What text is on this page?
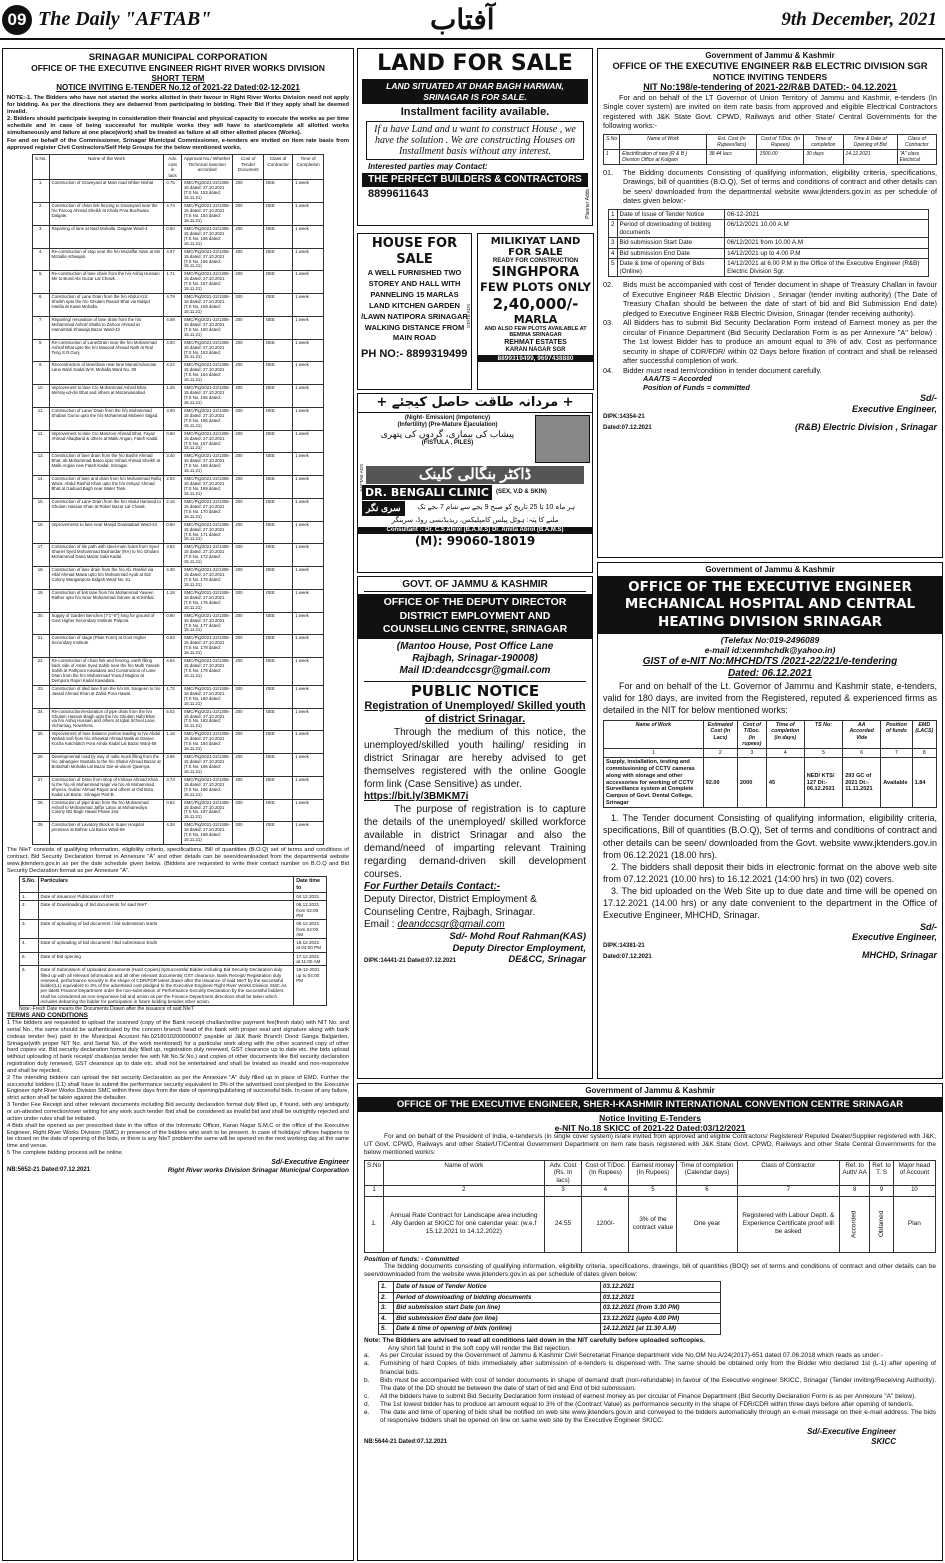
09 The Daily "AFTAB"	آفتاب	9th December, 2021
SRINAGAR MUNICIPAL CORPORATION
OFFICE OF THE EXECUTIVE ENGINEER RIGHT RIVER WORKS DIVISION
SHORT TERM
NOTICE INVITING E-TENDER No.12 of 2021-22 Dated:02-12-2021
NOTE:-1. The Bidders who have not started the works allotted in their favour in Right River Works Division need not apply for bidding. As per the directions they are debarred from participating in bidding. Their Bid if they apply shall be deemed invalid.
2. Bidders should participate keeping in consideration their financial and physical capacity to execute the works as per time schedule and in case of being successful for multiple works they will have to start/complete all allotted works simultaneously and failure at one place(work) shall be treated as failure at all other allotted places (Works).
For and on behalf of the Commissioner, Srinagar Municipal Commissioner, e-tenders are invited on item rate basis from approved register Civil Contractors/Self Help Groups for the below mentioned works.
S.No.	Name of the Work	Adv. cost in lacs	Approval No./ Whether Technical sanction accorded	Cost of Tender Document	Class of Contractor	Time of Completion
1.	Construction of Graveyard at Main road Ishber Nishat	0.75	SMC/Pig/2021-22/1306-15 dated: 27.10.2021 (T.S No. 153 dated: 15.11.21)	200	DEE	1 week
2.	Construction of chain link fencing to Graveyard near the h/o Farooq Ahmad Sheikh at Khala Pora Buchwara Dalgate.	4.74	SMC/Pig/2021-22/1306-15 dated: 27.10.2021 (T.S No. 154 dated: 15.11.21)	200	DEE	1 week
3.	Repairing of lane at Naid Mohalla, Dalgate Ward-4	0.50	SMC/Pig/2021-22/1306-15 dated: 27.10.2021 (T.S No. 155 dated: 15.11.21)	200	DEE	1 week
4.	Re-construction of stop near the h/o Muzaffar Alam at Mir Mohalla Athwajan.	4.97	SMC/Pig/2021-22/1306-15 dated: 27.10.2021 (T.S No. 156 dated: 15.11.21)	200	DEE	1 week
5.	Re-construction of lane chain from the h/o Ashiq Hussain Mir to Bund Abi Guzar Lal Chowk.	1.71	SMC/Pig/2021-22/1306-15 dated: 27.10.2021 (T.S No. 157 dated: 15.11.21)	200	DEE	1 week
6.	Construction of Lane Drain from the h/o Abdul Aziz Sheikh upto the h/o Ghulam Rasool Bhat via Masjid Hanfia at Kawa Mohalla.	4.79	SMC/Pig/2021-22/1306-15 dated: 27.10.2021 (T.S No. 159 dated: 15.11.21)	200	DEE	1 week
7.	Repairing/ renovation of lane drain from the h/o Mohammad Ashraf Shalla to Zahoor Ahmad at Hamambal Khawaja Bazar Ward-42	4.08	SMC/Pig/2021-22/1306-15 dated: 27.10.2021 (T.S No. 160 dated: 15.11.21)	200	DEE	1 week
8.	Re-construction of Lane/Drain near the h/o Mohammad Ashraf Bhat upto the h/o Masood Ahmad Nath at Rral Teng S.R.Gunj	4.00	SMC/Pig/2021-22/1306-15 dated: 27.10.2021 (T.S No. 163 dated: 15.11.21)	200	DEE	1 week
9.	Reconstruction of lane/drain near lane Maruti/Advocate Lane Bahri Kadal W-9, Mohalla Ward No. 38	4.22	SMC/Pig/2021-22/1306-15 dated: 27.10.2021 (T.S No. 164 dated: 15.11.21)	200	DEE	1 week
10.	Improvement to lane C/o Mohammad Ashraf Bhat, Mehraj-ud-din Bhat and others at Mazarwariabad.	1.26	SMC/Pig/2021-22/1306-15 dated: 27.10.2021 (T.S No. 165 dated: 15.11.21)	200	DEE	1 week
11.	Construction of Lane/ Drain from the h/o Mohammad Shaban Guroo upto the h/o Mohammad Mubeen Sajjad.	3.00	SMC/Pig/2021-22/1306-15 dated: 27.10.2021 (T.S No. 166 dated: 15.11.21)	200	DEE	1 week
12.	Improvement to lane C/o Manzoor Ahmad Bhat, Fayaz Ahmad Allaqband & others at Malik Angan, Fateh Kadal.	0.50	SMC/Pig/2021-22/1306-15 dated: 27.10.2021 (T.S No. 167 dated: 15.11.21)	200	DEE	1 week
13.	Construction of lane drain from the h/o Bashir Ahmad Bhat, ab Mohammad Batoo upto Irshad Ahmad Sheikh at Malik Angan new Fateh Kadal, Srinagar.	3.40	SMC/Pig/2021-22/1306-15 dated: 27.10.2021 (T.S No. 168 dated: 15.11.21)	200	DEE	1 week
14.	Construction of lane and drain from h/o Mohammad Rafiq Waza, Abdul Rashid Khan upto the h/o Imtiyaz Ahmad Bhat at Gadood Bagh near Water Tank.	2.04	SMC/Pig/2021-22/1306-15 dated: 27.10.2021 (T.S No. 169 dated: 15.11.21)	200	DEE	1 week
15.	Construction of Lane Drain from the h/o Abdul Hameed to Ghulam Hassan Khan at Roker Bazar Lal Chowk.	2.16	SMC/Pig/2021-22/1306-15 dated: 27.10.2021 (T.S No. 170 dated: 15.11.21)	200	DEE	1 week
16.	Improvements to lane near Masjid Doulatabad Ward-43	0.60	SMC/Pig/2021-22/1306-15 dated: 27.10.2021 (T.S No. 171 dated: 15.11.21)	200	DEE	1 week
17.	Construction of tile path with steel-main holes from Syed Shariel Syed Mohammad Bashardar (RA) to h/o Ghulam Mohammad Dana Mazar Safa Kadal.	3.92	SMC/Pig/2021-22/1306-15 dated: 27.10.2021 (T.S No. 172 dated: 15.11.21)	200	DEE	1 week
18.	Construction of lane drain from the h/o Ab. Rashid via Hilal Ahmad Mawa upto h/o Mohammad Ayub at Eid Colony Wanganpora Eidgah Ward No. 51	4.30	SMC/Pig/2021-22/1306-15 dated: 27.10.2021 (T.S No. 175 dated: 15.11.21)	200	DEE	1 week
19.	Construction of link lane from h/o Mohammad Yaseen Rather upto h/o Noor Mohammad Ganiee at Kreshbal.	1.18	SMC/Pig/2021-22/1306-15 dated: 27.10.2021 (T.S No. 176 dated: 15.11.21)	200	DEE	1 week
20.	Supply of Garden Benches (7'1"-0") long for ground of Govt Higher Secondary Institute Palpora	0.90	SMC/Pig/2021-22/1306-15 dated: 27.10.2021 (T.S No. 177 dated: 15.11.21)	200	DEE	1 week
21.	Construction of stage (Plate Form) at Govt Higher Secondary Institute	0.63	SMC/Pig/2021-22/1306-15 dated: 27.10.2021 (T.S No. 178 dated: 15.11.21)	200	DEE	1 week
22.	Re-construction of chain link and fencing, earth filling back side of Astan Syed Sahib near the h/o Mufti Yaseeb Sahib at Pathpora Kawadara and Construction of Lane Drain from the h/o Mohammad Yousuf Mugloo at Dempora Rajori Kadal Kawadara.	4.64	SMC/Pig/2021-22/1306-15 dated: 27.10.2021 (T.S No. 179 dated: 15.11.21)	200	DEE	1 week
23.	Construction of tiled lane from the h/o Mr. Sangeen to h/o Javaid Ahmad Khan at Zahid Pora Hawal.	1.72	SMC/Pig/2021-22/1306-15 dated: 27.10.2021 (T.S No. 180 dated: 15.11.21)	200	DEE	1 week
24.	Re-construction/restoration of pipe drain from the h/o Ghulam Hassan Baigh upto the h/o Ghulam Nabi Bhat via h/o Ashiq Hussain and others at Iqbal School Lane, Vicharnag, Nowshera.	5.02	SMC/Pig/2021-22/1306-15 dated: 27.10.2021 (T.S No. 183 dated: 15.11.21)	200	DEE	1 week
25.	Improvement of lane balance portion leading to h/o Abdul Wahab Sofi from h/o Showkat Ahmad Malik at Ganiee Kocha Katchlatch Pora Amda Kadal Lal Bazar Ward-59	1.16	SMC/Pig/2021-22/1306-15 dated: 27.10.2021 (T.S No. 184 dated: 15.11.21)	200	DEE	1 week
26.	Developmental road by way of nalla muck filling from the h/o Jahangeer Mustafa to the h/o Shabir Ahmad Bazaz at Botashah Mohalla Lal Bazar Dar-ul-uloom Qasimya.	3.95	SMC/Pig/2021-22/1306-15 dated: 27.10.2021 (T.S No. 185 dated: 15.11.21)	200	DEE	1 week
27.	Construction of Drain from shop of Irshaus Ahmad Khan to the h/o Ali Mohammad Najar via h/o Ali Mohammad Shyeza, Gulzar Ahmad Rayaz and others at Old Bota Kadal Lal Bazar, Srinagar Part-B.	3.74	SMC/Pig/2021-22/1306-15 dated: 27.10.2021 (T.S No. 186 dated: 15.11.21)	200	DEE	1 week
28.	Construction of pipe drain from the h/o Mohammad Ashraf to Mohammad Jaffar Latoo at Mohamediya Colony DD Bagh Hawal Phase 2nd	0.82	SMC/Pig/2021-22/1306-15 dated: 27.10.2021 (T.S No. 187 dated: 15.11.21)	200	DEE	1 week
29.	Construction of Lavatory Block in Super Hospital premises at Bahrar Lal Bazar Ward-59	4.26	SMC/Pig/2021-22/1306-15 dated: 27.10.2021 (T.S No. 188 dated: 15.11.21)	200	DEE	1 week
The NIeT consists of qualifying information, eligibility criterio, specifications, Bill of quantities (B.O.Q) set of terms and conditions of contract, Bid Security Declaration format in Annexure "A" and other details can be seen/downloaded from the departmental website www.jktenders.gov.in as per the date schedule given below. (Bidders are requested to write their contact number on B.O.Q and Bid Security Declaration format as per Annexure "A".
S.No.	Particulars	Date time to
1.	Date of issuance/ Publication of NIT	04.12.2021
2.	Date of Downloading of bid documents for said NIeT	06.12.2021 from 02:00 PM
3.	Date of uploading of bid document / bid submission starts	06.12.2021 from 04:00 AM
4.	Date of uploading of bid document / Bid submission Ends	16.12.2021 at 04:00 PM
5.	Date of Bid opening	17.12.2021 at 11:00 AM
6.	Date of Submission of Uploaded documents (Hard Copies) bySuccessful Bidder including Bid Security Declaration duly filled up with all relevant information and all other relevant documents( GST clearance, Bank Receipt/ Registration duly renewed, performance security in the shape of CDR/FDR latest drawn after the issuance of said NIeT by the successful bidder(L1) equivalent to 3% of the advertised cost pledged to the Executive Engineer Right River Works Division SMC.As per latest Finance Department order the non-submission of Performance Security Declaration by the successful bidders shall be considered as non-responsive bid and action as per the Finance Department directions shall be taken which includes debarring the bidder for participation in future bidding besides other action.	18-12-2021 up to 04:00 PM
Note:-Fresh Date means the Documents Drawn after the issuance of said NIeT
TERMS AND CONDITIONS
1 The bidders are requested to upload the scanned (copy of the Bank receipt challan/online payment fee(fresh date) with NIT No. and serial No., the same should be authenticated by the concern branch head of the bank with proper seal and signature along with bank codeas tender fee) paid in the Municipal Account No.0218010200000007 payable at J&K Bank Branch Dood Ganga Balgarden, Srinagar(with proper NIT No. and Serial No. of the work mentioned) for a particular work along with the other scanned copy of other hard copies viz. Bid security declaration format duly filled up, registration duly renewed, GST clearance up to date etc. the bids upload without uploading of bank receipt/ challan(as tender fee with Nit No.Sr.No.) and copies of other documents like Bid security declaration registration duly renewed, GST clearance up to date etc. shall not be entertained and shall be treated as invalid and non-responsive and shall be rejected.
2 The intending bidders can upload the bid security Declaration as per the Annexure "A" duly filled up in place of EMD. Further the successful bidders (L1) shall have to submit the performance security equivalent to 3% of the advertised cost pledged to the Executive Engineer right River Works Division SMC within three days from the date of opening/publishing of successful bids. In case of any failure, strict action shall be taken against the defaulter.
3 Tender Fee Receipt and other relevant documents including Bid security declaration format duly filled up, if found, with any ambiguity or un-attested correction/over writing for any work such tender /bid shall be considered as invalid bid and shall be outrightly rejected and action under rules shall be initiated.
4 Bids shall be opened as per prescribed date in the office of the Informatic Officer, Karan Nagar S.M.C or the office of the Executive Engineer, Right River Works Division (SMC) in presence of the bidders who wish to be present. In case of holidays/ offices happens to be closed on the date of opening of the bids, or there is any NIeT problem the same will be opened on the next working day at the same time and venue.
5 The complete bidding process will be online.
Sd/-Executive Engineer
NB:5652-21 Dated:07.12.2021	Right River works Division Srinagar Municipal Corporation
LAND FOR SALE
LAND SITUATED AT DHAR BAGH HARWAN, SRINAGAR IS FOR SALE.
Installment facility available.
If u have Land and u want to construct House , we have the solution . We are constructing Houses on Installment basis without any interest.
Interested parties may Contact:
THE PERFECT BUILDERS & CONTRACTORS
8899611643	Planner Adds
HOUSE FOR SALE
A WELL FURNISHED TWO STOREY AND HALL WITH PANNELING 15 MARLAS LAND KITCHEN GARDEN /LAWN NATIPORA SRINAGAR WALKING DISTANCE FROM MAIN ROAD
PH NO:- 8899319499
STATE ADS
MILIKIYAT LAND FOR SALE
READY FOR CONSTRUCTION
SINGHPORA
FEW PLOTS ONLY
2,40,000/-
MARLA
AND ALSO FEW PLOTS AVAILABLE AT BEMINA SRINAGAR
REHMAT ESTATES
KARAN NAGAR SGR
8899319499, 9697438880
+ مردانہ طاقت حاصل کیجئے +
(Night- Emission) (Impotency)
(Infertility) (Pre-Mature Ejaculation)
پیشاب کی بیماری، گردوں کی پتھری
(FISTULA , PILES)
ڈاکٹر بنگالی کلینک
DR. BENGALI CLINIC	(SEX, V.D & SKIN)
سری نگر	ہر ماہ 10 تا 25 تاریخ کو صبح 9 بجے سے شام 7 بجے تک
ملنے کا پتہ: ہوٹل پیلس کامپلیکس، ریذیڈنسی روڈ، سرینگر
Consultant :- Dr. C.S Abrol (B.A.M.S) Dr. Amita Abrol (B.A.M.S)
(M): 99060-18019
AAFTAB-ADS
GOVT. OF JAMMU & KASHMIR
OFFICE OF THE DEPUTY DIRECTOR DISTRICT EMPLOYMENT AND COUNSELLING CENTRE, SRINAGAR
(Mantoo House, Post Office Lane
Rajbagh, Srinagar-190008)
Mail ID:deandccsgr@gmail.com
PUBLIC NOTICE
Registration of Unemployed/ Skilled youth of district Srinagar.
Through the medium of this notice, the unemployed/skilled youth hailing/ residing in district Srinagar are hereby advised to get themselves registered with the online Google form link (Case Sensitive) as under.
https://bit.ly/3BMKM7i
The purpose of registration is to capture the details of the unemployed/ skilled workforce available in district Srinagar and also the demand/need of imparting relevant Training regarding demand-driven skill development courses.
For Further Details Contact:-
Deputy Director, District Employment & Counseling Centre, Rajbagh, Srinagar.
Email : deandccsgr@gmail.com
Sd/- Mohd Rouf Rahman(KAS)
Deputy Director Employment,
DIPK:14441-21 Dated:07.12.2021	DE&CC, Srinagar
Government of Jammu & Kashmir
OFFICE OF THE EXECUTIVE ENGINEER R&B ELECTRIC DIVISION SGR
NOTICE INVITING TENDERS
NIT No:198/e-tendering of 2021-22/R&B DATED:- 04.12.2021
For and on behalf of the LT Governor of Union Territory of Jammu and Kashmir, e-tenders (In Single cover system) are invited on item rate basis from approved and eligible Electrical Contractors registered with J&K State Govt. CPWD, Railways and other State/ Central Governments for the following works:-
S.No	Name of Work	Est. Cost (In Rupees/lacs)	Cost of T/Doc. (In Rupees)	Time of completion	Time & Date of Opening of Bid	Class of Contractor
1	Electrification of new (R & B ) Division Office at Kulgam	38.44 lacs	1500.00	30 days	14.12.2021	"A" class Electrical
01.	The Bidding documents Consisting of qualifying information, eligibility criteria, specifications, Drawings, bill of quantities (B.O.Q), Set of terms and conditions of contract and other details can be seen/ downloaded from the departmental website www.jktenders.gov.in as per schedule of dates given below:-
1	Date of Issue of Tender Notice	06-12-2021
2	Period of downloading of bidding documents	06/12/2021 10.00 A.M
3	Bid submission Start Date	06/12/2021 from 10.00 A.M
4	Bid submission End Date	14/12/2021 up to 4.00 P.M
5	Date & time of opening of Bids (Online)	14/12/2021 at 6.00 P.M in the Office of the Executive Engineer (R&B) Electric Division Sgr.
02.	Bids must be accompanied with cost of Tender document in shape of Treasury Challan in favour of Executive Engineer R&B Electric Division , Srinagar (tender inviting authority) (The Date of Treasury Challan should be between the date of start of bid and Bid Submission End date) pledged to Executive Engineer R&B Electric Division, Srinagar (tender receiving authority).
03.	All Bidders has to submit Bid Security Declaration Form instead of Earnest money as per the circular of Finance Department (Bid Security Declaration Form is as per Annexure "A" below) . The 1st lowest Bidder has to produce an amount equal to 3% of adv. Cost as performance security in shape of CDR/FDR/ within 02 Days before fixation of contract and shall be released after successful completion of work.
04.	Bidder must read term/condition in tender document carefully.
AAA/TS = Accorded
Position of Funds = committed
Sd/-
Executive Engineer,
DIPK:14354-21
Dated:07.12.2021	(R&B) Electric Division , Srinagar
Government of Jammu & Kashmir
OFFICE OF THE EXECUTIVE ENGINEER MECHANICAL HOSPITAL AND CENTRAL HEATING DIVISION SRINAGAR
(Telefax No:019-2496089
e-mail id:xenmhchdk@yahoo.in)
GIST of e-NIT No:MHCHD/TS /2021-22/221/e-tendering
Dated: 06.12.2021
For and on behalf of the Lt. Governor of Jammu and Kashmir state, e-tenders, valid for 180 days, are invited from the Registered, reputed & experienced firms as detailed in the NIT for below mentioned works:
Name of Work	Estimated Cost (In Lacs)	Cost of T/Doc. (in rupees)	Time of completion (in days)	TS No:	AA Accorded Vide	Position of funds	EMD (LACS)
1	2	3	4	5	6	7	8
Supply, installation, testing and commissioning of CCTV cameras along with storage and other accessories for working of CCTV Surveillance system at Complete Campus of Govt. Dental College, Srinagar	92.00	2000	45	NED/ KTS/ 127 Dt:- 06.12.2021	293 GC of 2021 Dt:- 11.11.2021	Available	1.84
1. The Tender document Consisting of qualifying information, eligibility criteria, specifications, Bill of quantities (B.O.Q), Set of terms and conditions of contract and other details can be seen/ downloaded from the Govt. website www.jktenders.gov.in from 06.12.2021 (18.00 hrs).
2. The bidders shall deposit their bids in electronic format on the above web site from 07.12.2021 (10.00 hrs) to 16.12.2021 (14:00 hrs) in two (02) covers.
3. The bid uploaded on the Web Site up to due date and time will be opened on 17.12.2021 (14.00 hrs) or any date convenient to the department in the Office of Executive Engineer, MHCHD, Srinagar.
Sd/-
Executive Engineer,
DIPK:14381-21
Dated:07.12.2021	MHCHD, Srinagar
Government of Jammu & Kashmir
OFFICE OF THE EXECUTIVE ENGINEER, SHER-I-KASHMIR INTERNATIONAL CONVENTION CENTRE SRINAGAR
Notice Inviting E-Tenders
e-NIT No.18 SKICC of 2021-22 Dated:03/12/2021
For and on behalf of the President of India, e-tenders/s (in single cover system) is/are invited from approved and eligible Contractors/ Registered/ Reputed Dealer/Supplier registered with J&K, UT Govt. CPWD, Railways and other State/UT/Central Government Department on item rate basis registered with J&K State Govt. CPWD, Railways and other State Central Governments for the below mentioned work/s:
S.No	Name of work	Adv. Cost (Rs. In lacs)	Cost of T/Doc. (In Rupees)	Earnest money (In Rupees)	Time of completion (Calendar days)	Class of Contractor	Ref. to Auth/ AA	Ref. to T. S	Major head of Account
1	2	3	4	5	6	7	8	9	10
1.	Annual Rate Contract for Landscape area including Ally Garden at SKICC for one calendar year. (w.e.f 15.12.2021 to 14.12.2022)	24.55	1200/-	3% of the contract value	One year	Registered with Labour Deptt. & Experience Certificate proof will be asked	Accorded	Obtained	Plan
Position of funds: - Committed
The bidding documents consisting of qualifying information, eligibility criteria, specifications, drawings, bill of quantities (BOQ) set of terms and conditions of contract and other details can be seen/downloaded from the website www.jktenders.gov.in as per schedule of dates given below:
1.	Date of Issue of Tender Notice	03.12.2021
2.	Period of downloading of bidding documents	03.12.2021
3.	Bid submission start Date (on line)	03.12.2021 (from 3.30 PM)
4.	Bid submission End date (on line)	13.12.2021 (upto 4.00 PM)
5.	Date & time of opening of bids (online)	14.12.2021 (at 11.30 A.M)
Note: The Bidders are advised to read all conditions laid down in the NIT carefully before uploaded softcopies.
Any short fall found in the soft copy will render the Bid rejection.
a.	As per Circular issued by the Government of Jammu & Kashmir Civil Secretariat Finance department vide No.OM No.A/24(2017)-651 dated 07.06.2018 which reads as under:-
a.	Furnishing of hard Copies of bids immediately after submission of e-tenders is dispensed with. The same should be obtained only from the Bidder who declared 1st (L-1) after opening of financial bids.
b.	Bids must be accompanied with cost of tender documents in shape of demand draft (non-refundable) in favour of the Executive engineer SKICC, Srinagar (Tender inviting/Receiving Authority). The date of the DD should be between the date of start of bid and End of bid submission.
c.	All the bidders have to submit Bid Security Declaration form instead of earnest money as per circular of Finance Department (Bid Security Declaration Form is as per Annexure "A" below).
d.	The 1st lowest bidder has to produce an amount equal to 3% of the (Contract Value) as performance security in the shape of FDR/CDR within three days before after opening of tender/s.
e.	The date and time of opening of bids shall be notified on web site www.jktenders.gov.in and conveyed to the bidders automatically through an e-mail message on their e-mail address. The bids of responsive bidders shall be opened on line on same web site by the Executive Engineer SKICC.
Sd/-Executive Engineer
NB:5644-21 Dated:07.12.2021	SKICC
